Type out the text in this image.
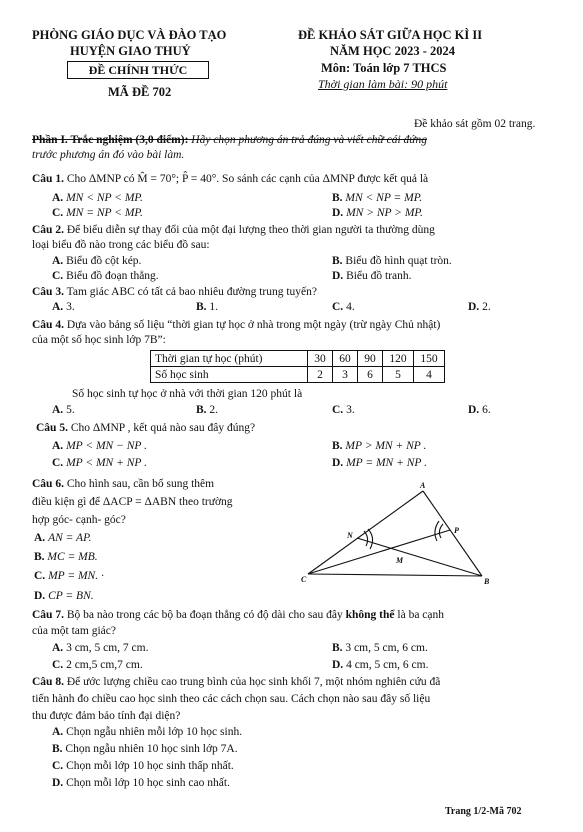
PHÒNG GIÁO DỤC VÀ ĐÀO TẠO
HUYỆN GIAO THUỶ
ĐỀ CHÍNH THỨC
MÃ ĐỀ 702
ĐỀ KHẢO SÁT GIỮA HỌC KÌ II
NĂM HỌC 2023 - 2024
Môn: Toán lớp 7 THCS
Thời gian làm bài: 90 phút
Đề khảo sát gồm 02 trang.
Phần I. Trắc nghiệm (3,0 điểm): Hãy chọn phương án trả đúng và viết chữ cái đứng
trước phương án đó vào bài làm.
Câu 1. Cho ΔMNP có M̂ = 70°; P̂ = 40°. So sánh các cạnh của ΔMNP được kết quả là
A. MN < NP < MP.	B. MN < NP = MP.
C. MN = NP < MP.	D. MN > NP > MP.
Câu 2. Để biểu diễn sự thay đổi của một đại lượng theo thời gian người ta thường dùng
loại biểu đồ nào trong các biểu đồ sau:
A. Biểu đồ cột kép.	B. Biểu đồ hình quạt tròn.
C. Biểu đồ đoạn thẳng.	D. Biểu đồ tranh.
Câu 3. Tam giác ABC có tất cả bao nhiêu đường trung tuyến?
A. 3.	B. 1.	C. 4.	D. 2.
Câu 4. Dựa vào bảng số liệu “thời gian tự học ở nhà trong một ngày (trừ ngày Chủ nhật)
của một số học sinh lớp 7B”:
Thời gian tự học (phút)	30	60	90	120	150
Số học sinh	2	3	6	5	4
Số học sinh tự học ở nhà với thời gian 120 phút là
A. 5.	B. 2.	C. 3.	D. 6.
Câu 5. Cho ΔMNP , kết quả nào sau đây đúng?
A. MP < MN − NP .	B. MP > MN + NP .
C. MP < MN + NP .	D. MP = MN + NP .
Câu 6. Cho hình sau, cần bổ sung thêm
điều kiện gì để ΔACP = ΔABN theo trường
hợp góc- cạnh- góc?
A. AN = AP.
B. MC = MB.
C. MP = MN. ·
D. CP = BN.
A
N
P
M
C	B
Câu 7. Bộ ba nào trong các bộ ba đoạn thẳng có độ dài cho sau đây không thể là ba cạnh
của một tam giác?
A. 3 cm, 5 cm, 7 cm.	B. 3 cm, 5 cm, 6 cm.
C. 2 cm,5 cm,7 cm.	D. 4 cm, 5 cm, 6 cm.
Câu 8. Để ước lượng chiều cao trung bình của học sinh khối 7, một nhóm nghiên cứu đã
tiến hành đo chiều cao học sinh theo các cách chọn sau. Cách chọn nào sau đây số liệu
thu được đảm bảo tính đại diện?
A. Chọn ngẫu nhiên mỗi lớp 10 học sinh.
B. Chọn ngẫu nhiên 10 học sinh lớp 7A.
C. Chọn mỗi lớp 10 học sinh thấp nhất.
D. Chọn mỗi lớp 10 học sinh cao nhất.
Trang 1/2-Mã 702
